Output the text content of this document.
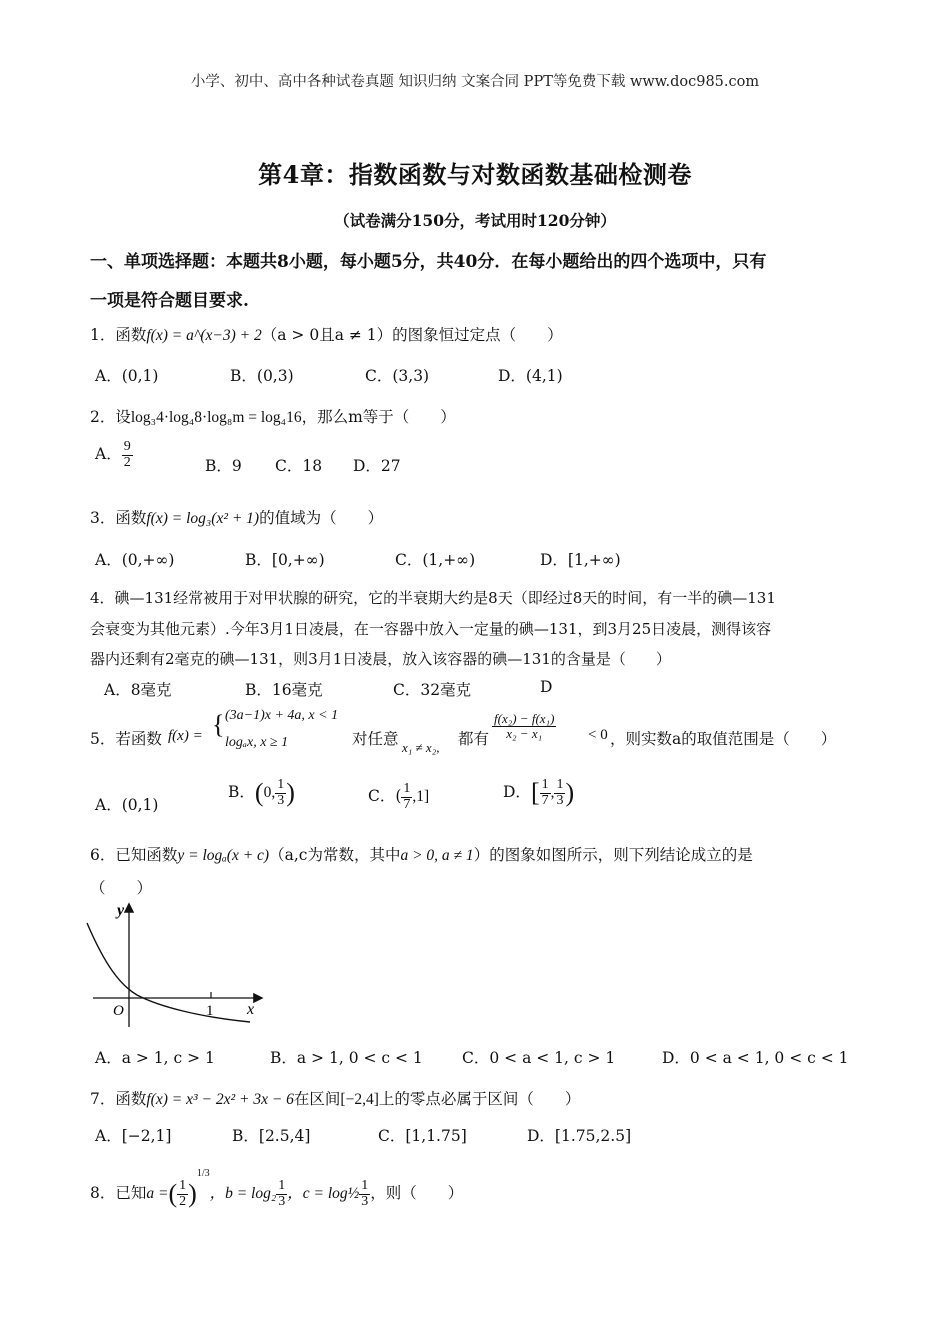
小学、初中、高中各种试卷真题 知识归纳 文案合同 PPT等免费下载 www.doc985.com
第4章：指数函数与对数函数基础检测卷
（试卷满分150分，考试用时120分钟）
一、单项选择题：本题共8小题，每小题5分，共40分．在每小题给出的四个选项中，只有
一项是符合题目要求.
1．函数f(x) = a^(x−3) + 2（a > 0且a ≠ 1）的图象恒过定点（　　）
A．(0,1)	B．(0,3)	C．(3,3)	D．(4,1)
2．设log₃4·log₄8·log₈m = log₄16，那么m等于（　　）
A． $\frac{9}{2}$	B．9 C．18 D．27
3．函数f(x) = log₃(x² + 1)的值域为（　　）
A．(0,+∞)	B．[0,+∞)	C．(1,+∞)	D．[1,+∞)
4．碘—131经常被用于对甲状腺的研究，它的半衰期大约是8天（即经过8天的时间，有一半的碘—131
会衰变为其他元素）.今年3月1日凌晨，在一容器中放入一定量的碘—131，到3月25日凌晨，测得该容
器内还剩有2毫克的碘—131，则3月1日凌晨，放入该容器的碘—131的含量是（　　）
A．8毫克	B．16毫克	C．32毫克	D
5．若函数 f(x) = { (3a−1)x + 4a, x < 1
logₐx, x ≥ 1	对任意 x₁ ≠ x₂, 都有 $\frac{\text{f(x₂) − f(x₁)}}{\text{x₂ − x₁}} < 0$ ，则实数a的取值范围是（　　）
A．(0,1)
B．(0, $\frac{1}{3}$ )	C．( $\frac{1}{7} ,1$]	D．[ $\frac{1}{7}$ , $\frac{1}{3}$ )
6．已知函数y = logₐ(x + c)（a,c为常数，其中a > 0, a ≠ 1）的图象如图所示，则下列结论成立的是
（　　）
y
x
O	1
A．a > 1, c > 1	B．a > 1, 0 < c < 1	C．0 < a < 1, c > 1	D．0 < a < 1, 0 < c < 1
7．函数f(x) = x³ − 2x² + 3x − 6在区间[−2,4]上的零点必属于区间（　　）
A．[−2,1]	B．[2.5,4]	C．[1,1.75]	D．[1.75,2.5]
8．已知a =( $\frac{1}{2} )^{1/3}$，$b = \log_2 \frac{1}{3}$ ，c = log½ $\frac{1}{3}$ ，则（　　）
